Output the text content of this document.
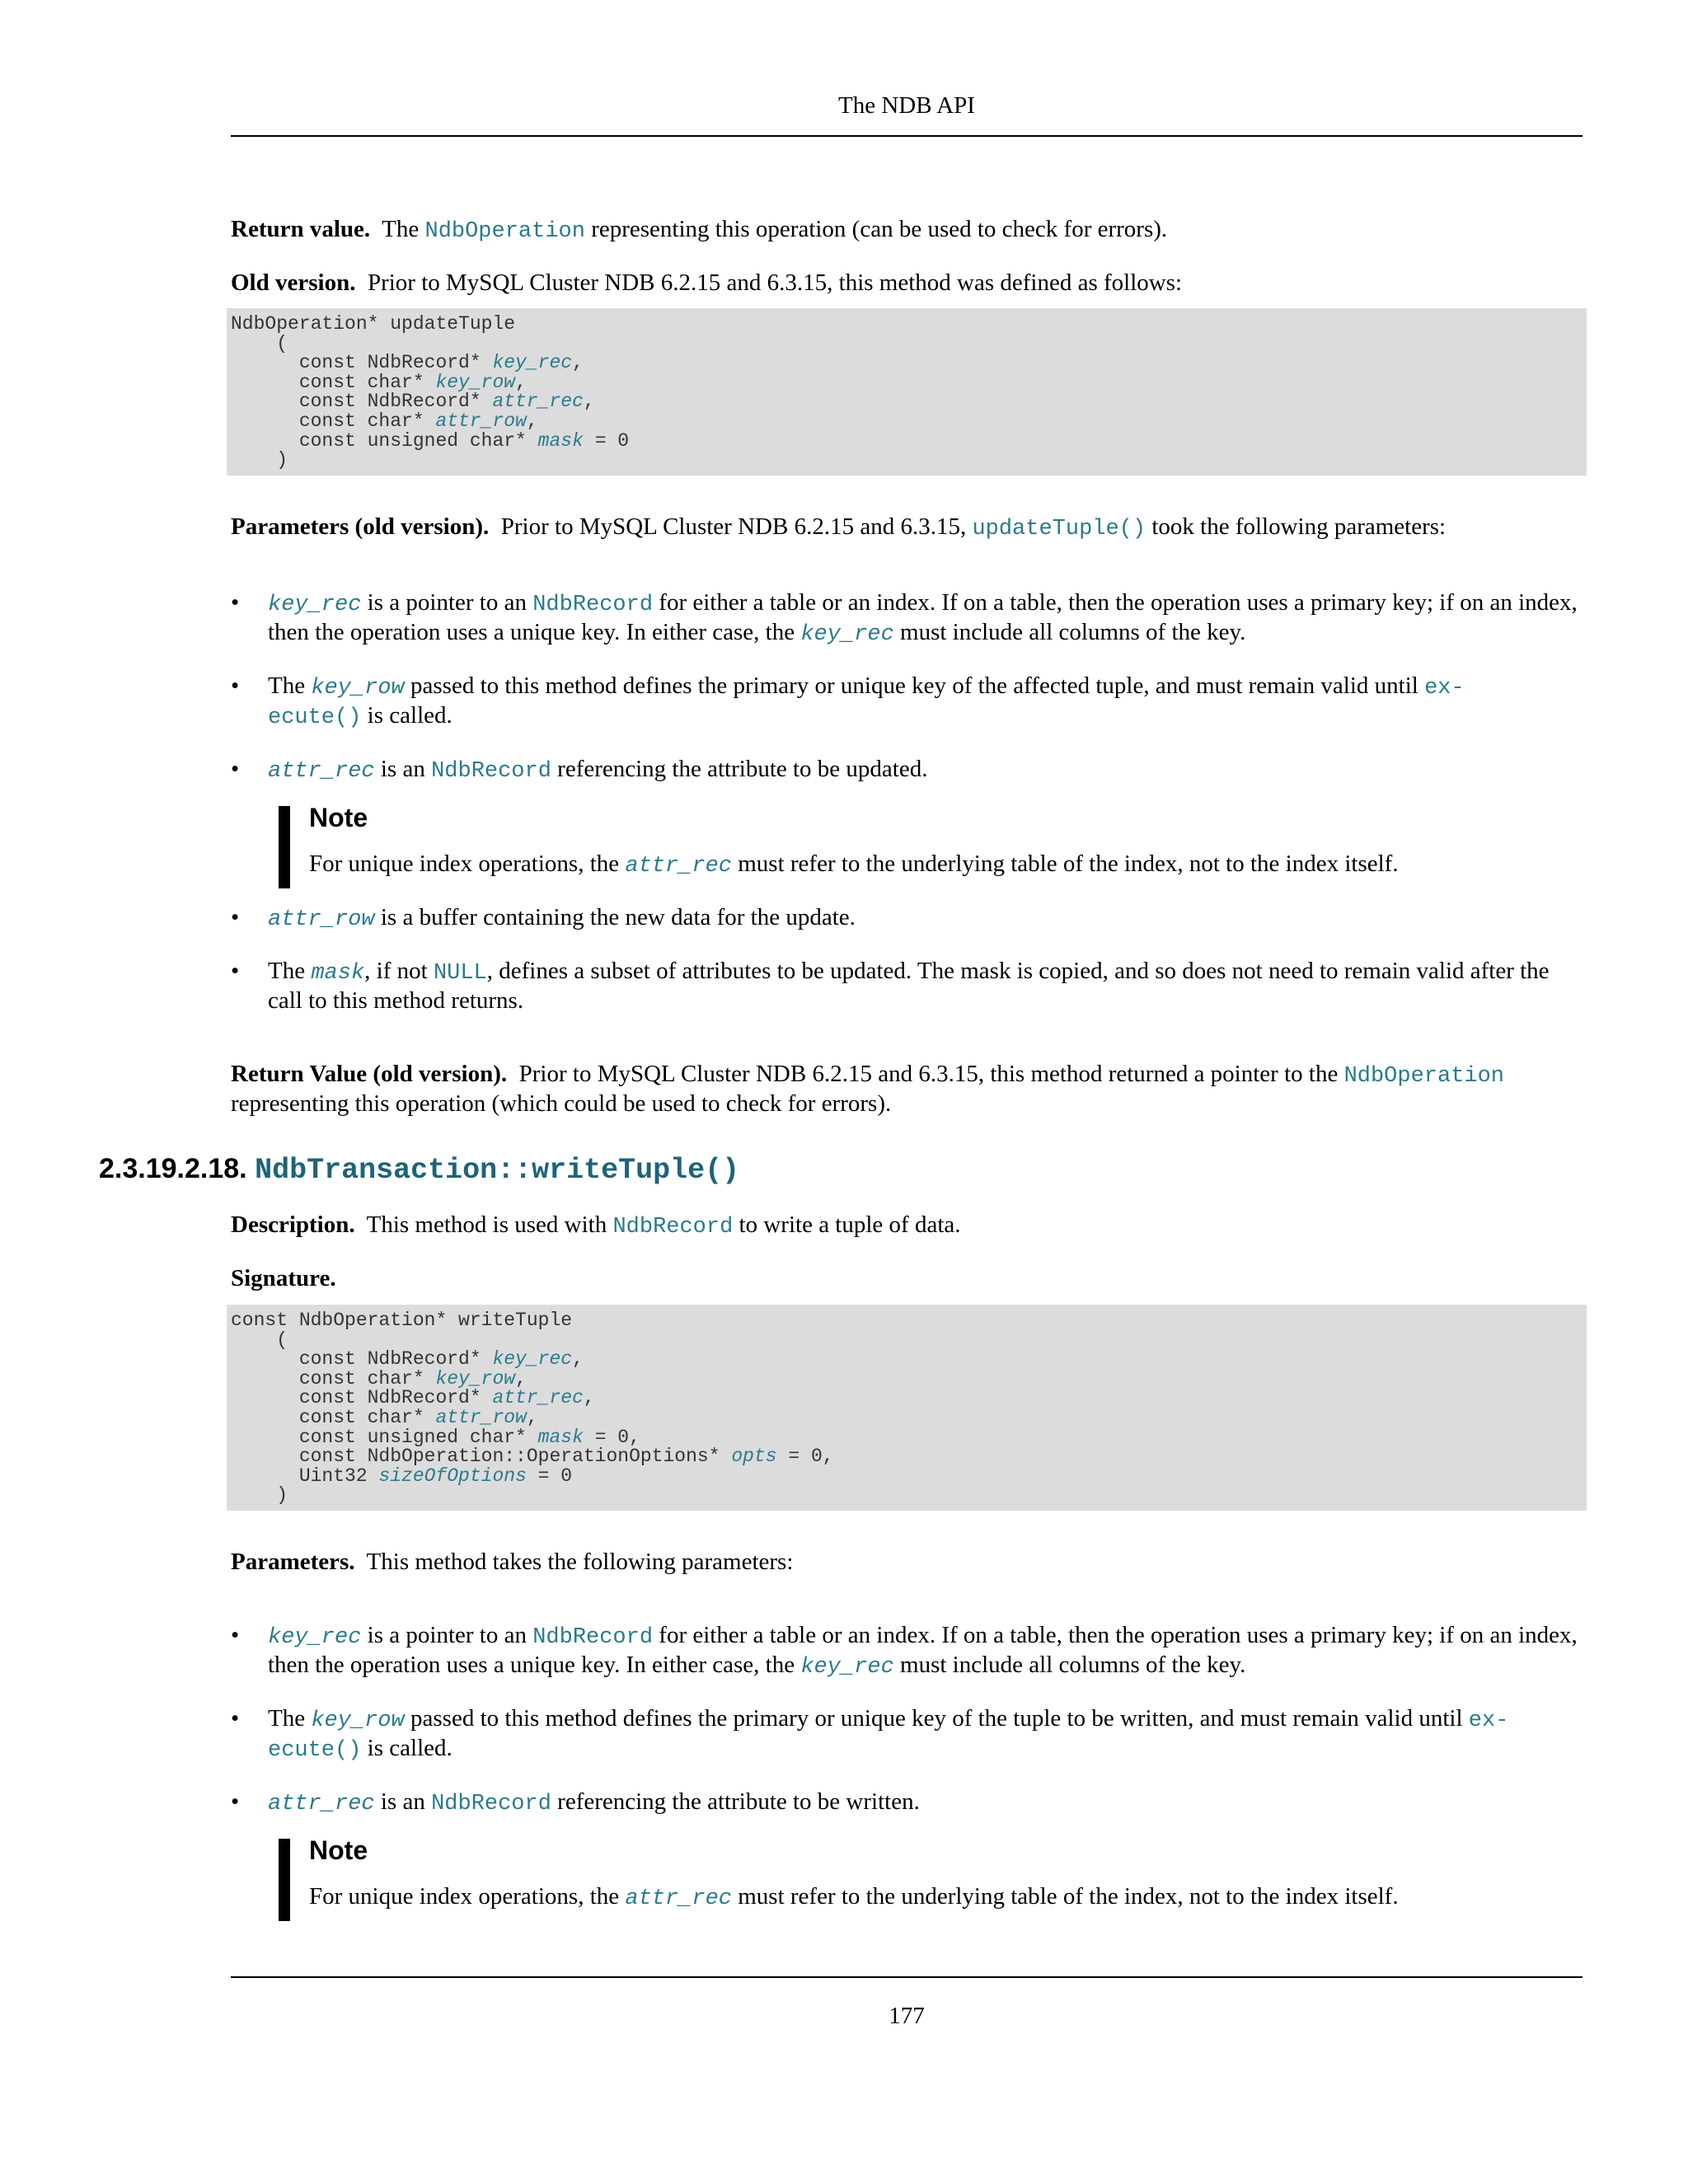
The NDB API

Return value. The NdbOperation representing this operation (can be used to check for errors).

Old version. Prior to MySQL Cluster NDB 6.2.15 and 6.3.15, this method was defined as follows:

NdbOperation* updateTuple
(
const NdbRecord* key_rec,
const char* key_row,
const NdbRecord* attr_rec,
const char* attr_row,
const unsigned char* mask = 0
)

Parameters (old version). Prior to MySQL Cluster NDB 6.2.15 and 6.3.15, updateTuple() took the following parameters:

• key_rec is a pointer to an NdbRecord for either a table or an index. If on a table, then the operation uses a primary key; if on an index, then the operation uses a unique key. In either case, the key_rec must include all columns of the key.
• The key_row passed to this method defines the primary or unique key of the affected tuple, and must remain valid until ex-
ecute() is called.
• attr_rec is an NdbRecord referencing the attribute to be updated.
Note

For unique index operations, the attr_rec must refer to the underlying table of the index, not to the index itself.

• attr_row is a buffer containing the new data for the update.
• The mask, if not NULL, defines a subset of attributes to be updated. The mask is copied, and so does not need to remain valid after the call to this method returns.

Return Value (old version). Prior to MySQL Cluster NDB 6.2.15 and 6.3.15, this method returned a pointer to the NdbOperation representing this operation (which could be used to check for errors).

2.3.19.2.18. NdbTransaction::writeTuple()

Description. This method is used with NdbRecord to write a tuple of data.

Signature.

const NdbOperation* writeTuple
(
const NdbRecord* key_rec,
const char* key_row,
const NdbRecord* attr_rec,
const char* attr_row,
const unsigned char* mask = 0,
const NdbOperation::OperationOptions* opts = 0,
Uint32 sizeOfOptions = 0
)

Parameters. This method takes the following parameters:

• key_rec is a pointer to an NdbRecord for either a table or an index. If on a table, then the operation uses a primary key; if on an index, then the operation uses a unique key. In either case, the key_rec must include all columns of the key.
• The key_row passed to this method defines the primary or unique key of the tuple to be written, and must remain valid until ex-
ecute() is called.
• attr_rec is an NdbRecord referencing the attribute to be written.
Note

For unique index operations, the attr_rec must refer to the underlying table of the index, not to the index itself.

177
